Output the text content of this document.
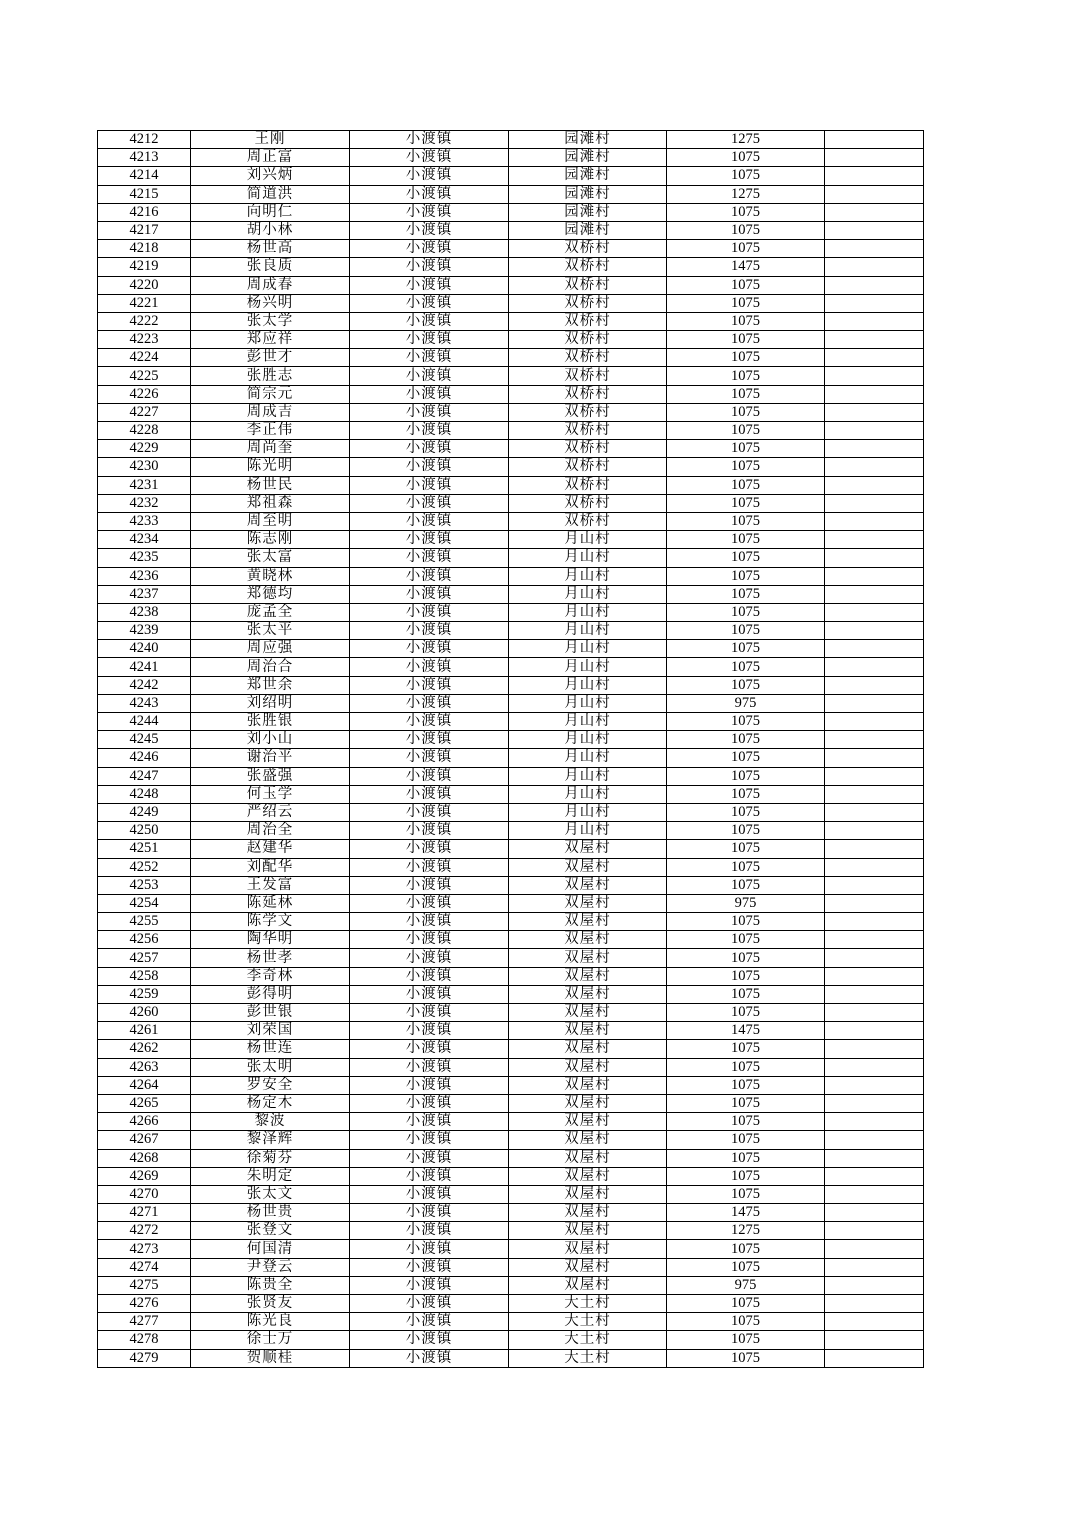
4212	王刚	小渡镇	园滩村	1275	
4213	周正富	小渡镇	园滩村	1075	
4214	刘兴炳	小渡镇	园滩村	1075	
4215	简道洪	小渡镇	园滩村	1275	
4216	向明仁	小渡镇	园滩村	1075	
4217	胡小林	小渡镇	园滩村	1075	
4218	杨世高	小渡镇	双桥村	1075	
4219	张良质	小渡镇	双桥村	1475	
4220	周成春	小渡镇	双桥村	1075	
4221	杨兴明	小渡镇	双桥村	1075	
4222	张太学	小渡镇	双桥村	1075	
4223	郑应祥	小渡镇	双桥村	1075	
4224	彭世才	小渡镇	双桥村	1075	
4225	张胜志	小渡镇	双桥村	1075	
4226	简宗元	小渡镇	双桥村	1075	
4227	周成吉	小渡镇	双桥村	1075	
4228	李正伟	小渡镇	双桥村	1075	
4229	周尚奎	小渡镇	双桥村	1075	
4230	陈光明	小渡镇	双桥村	1075	
4231	杨世民	小渡镇	双桥村	1075	
4232	郑祖森	小渡镇	双桥村	1075	
4233	周至明	小渡镇	双桥村	1075	
4234	陈志刚	小渡镇	月山村	1075	
4235	张太富	小渡镇	月山村	1075	
4236	黄晓林	小渡镇	月山村	1075	
4237	郑德均	小渡镇	月山村	1075	
4238	庞孟全	小渡镇	月山村	1075	
4239	张太平	小渡镇	月山村	1075	
4240	周应强	小渡镇	月山村	1075	
4241	周治合	小渡镇	月山村	1075	
4242	郑世余	小渡镇	月山村	1075	
4243	刘绍明	小渡镇	月山村	975	
4244	张胜银	小渡镇	月山村	1075	
4245	刘小山	小渡镇	月山村	1075	
4246	谢治平	小渡镇	月山村	1075	
4247	张盛强	小渡镇	月山村	1075	
4248	何玉学	小渡镇	月山村	1075	
4249	严绍云	小渡镇	月山村	1075	
4250	周治全	小渡镇	月山村	1075	
4251	赵建华	小渡镇	双屋村	1075	
4252	刘配华	小渡镇	双屋村	1075	
4253	王发富	小渡镇	双屋村	1075	
4254	陈延林	小渡镇	双屋村	975	
4255	陈学文	小渡镇	双屋村	1075	
4256	陶华明	小渡镇	双屋村	1075	
4257	杨世孝	小渡镇	双屋村	1075	
4258	李奇林	小渡镇	双屋村	1075	
4259	彭得明	小渡镇	双屋村	1075	
4260	彭世银	小渡镇	双屋村	1075	
4261	刘荣国	小渡镇	双屋村	1475	
4262	杨世连	小渡镇	双屋村	1075	
4263	张太明	小渡镇	双屋村	1075	
4264	罗安全	小渡镇	双屋村	1075	
4265	杨定木	小渡镇	双屋村	1075	
4266	黎波	小渡镇	双屋村	1075	
4267	黎泽辉	小渡镇	双屋村	1075	
4268	徐菊芬	小渡镇	双屋村	1075	
4269	朱明定	小渡镇	双屋村	1075	
4270	张太文	小渡镇	双屋村	1075	
4271	杨世贵	小渡镇	双屋村	1475	
4272	张登文	小渡镇	双屋村	1275	
4273	何国清	小渡镇	双屋村	1075	
4274	尹登云	小渡镇	双屋村	1075	
4275	陈贵全	小渡镇	双屋村	975	
4276	张贤友	小渡镇	大土村	1075	
4277	陈光良	小渡镇	大土村	1075	
4278	徐士万	小渡镇	大土村	1075	
4279	贺顺桂	小渡镇	大土村	1075	
